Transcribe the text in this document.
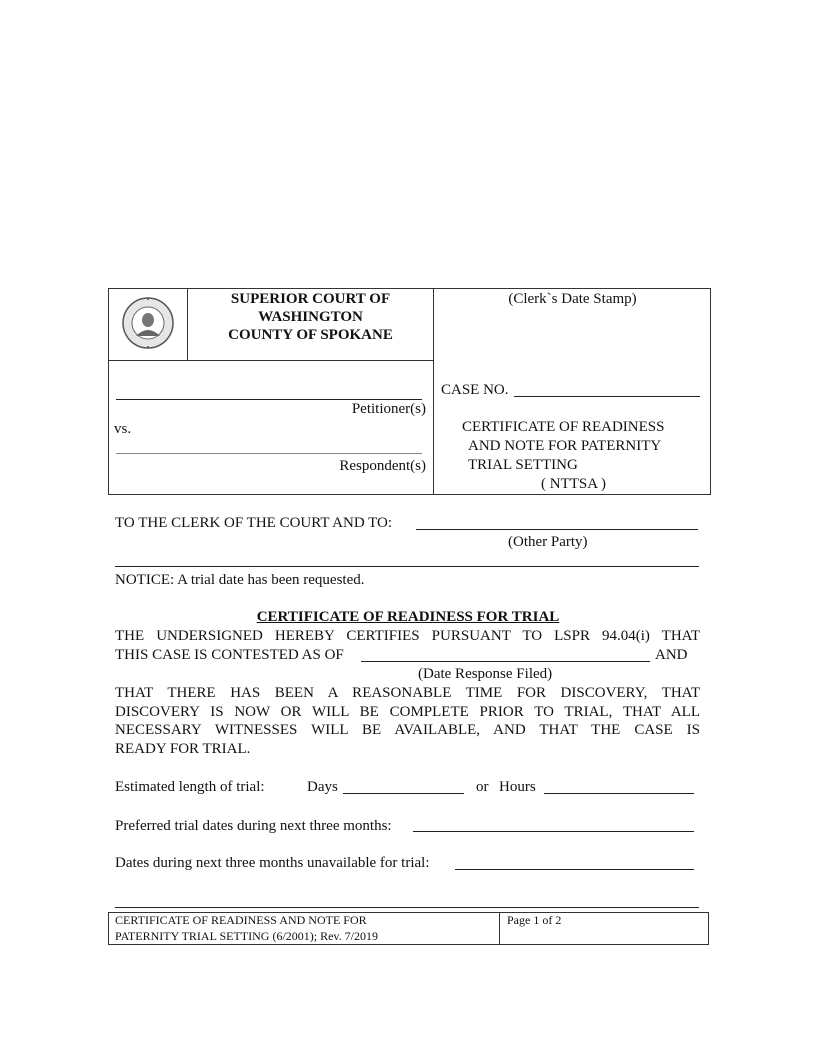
SUPERIOR COURT OF
WASHINGTON
COUNTY OF SPOKANE
(Clerk`s Date Stamp)
Petitioner(s)
vs.
Respondent(s)
CASE NO.
CERTIFICATE OF READINESS
AND NOTE FOR PATERNITY
TRIAL SETTING
( NTTSA )
TO THE CLERK OF THE COURT AND TO:
(Other Party)
NOTICE: A trial date has been requested.
CERTIFICATE OF READINESS FOR TRIAL
THE UNDERSIGNED HEREBY CERTIFIES PURSUANT TO LSPR 94.04(i) THAT
THIS CASE IS CONTESTED AS OF	AND
(Date Response Filed)
THAT THERE HAS BEEN A REASONABLE TIME FOR DISCOVERY, THAT
DISCOVERY IS NOW OR WILL BE COMPLETE PRIOR TO TRIAL, THAT ALL
NECESSARY WITNESSES WILL BE AVAILABLE, AND THAT THE CASE IS
READY FOR TRIAL.
Estimated length of trial:	Days	or Hours
Preferred trial dates during next three months:
Dates during next three months unavailable for trial:
CERTIFICATE OF READINESS AND NOTE FOR
PATERNITY TRIAL SETTING (6/2001); Rev. 7/2019
Page 1 of 2
